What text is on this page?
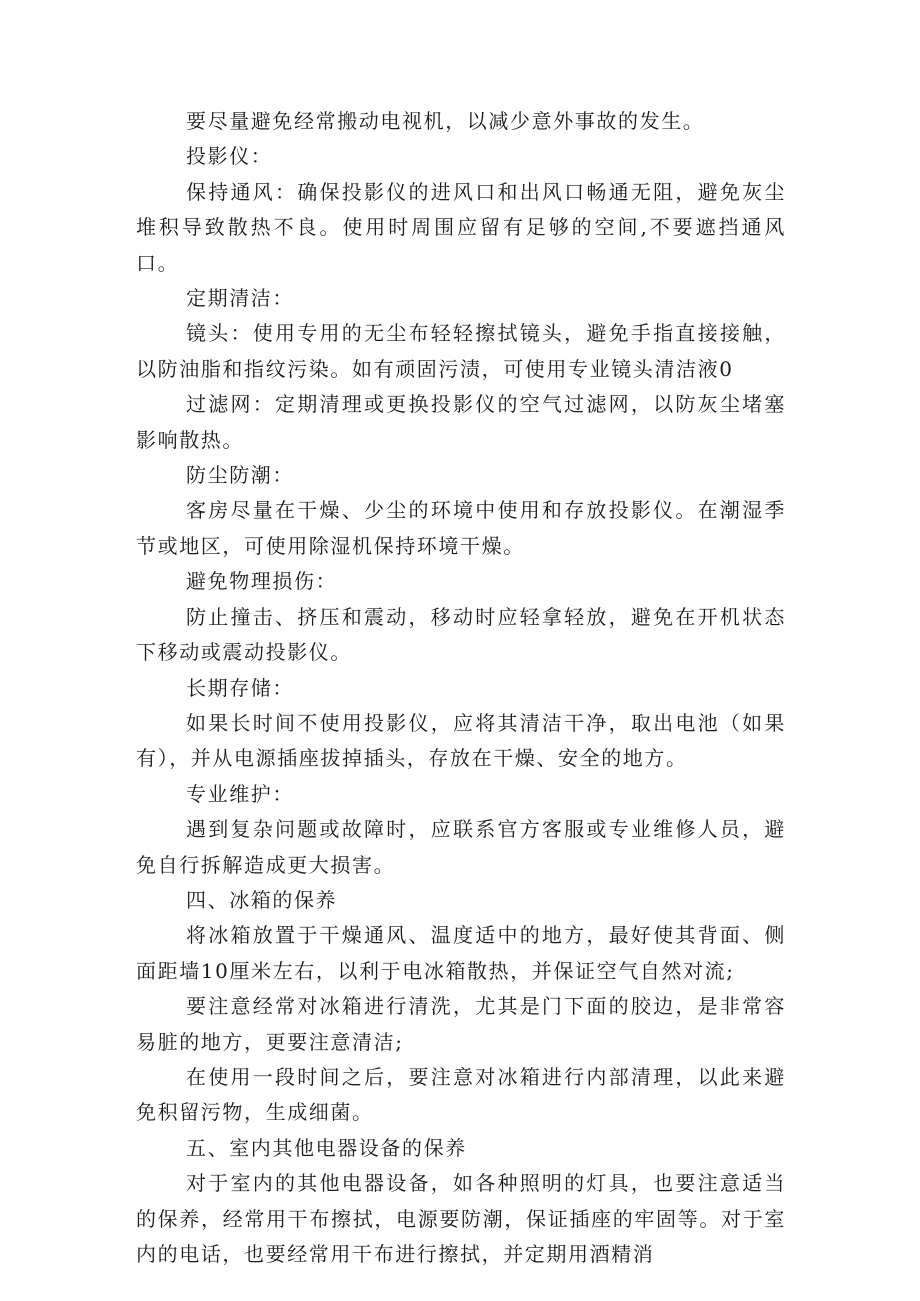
要尽量避免经常搬动电视机，以减少意外事故的发生。

投影仪：

保持通风：确保投影仪的进风口和出风口畅通无阻，避免灰尘堆积导致散热不良。使用时周围应留有足够的空间,不要遮挡通风口。

定期清洁：

镜头：使用专用的无尘布轻轻擦拭镜头，避免手指直接接触，以防油脂和指纹污染。如有顽固污渍，可使用专业镜头清洁液0

过滤网：定期清理或更换投影仪的空气过滤网，以防灰尘堵塞影响散热。

防尘防潮：

客房尽量在干燥、少尘的环境中使用和存放投影仪。在潮湿季节或地区，可使用除湿机保持环境干燥。

避免物理损伤：

防止撞击、挤压和震动，移动时应轻拿轻放，避免在开机状态下移动或震动投影仪。

长期存储：

如果长时间不使用投影仪，应将其清洁干净，取出电池（如果有），并从电源插座拔掉插头，存放在干燥、安全的地方。

专业维护：

遇到复杂问题或故障时，应联系官方客服或专业维修人员，避免自行拆解造成更大损害。

四、冰箱的保养

将冰箱放置于干燥通风、温度适中的地方，最好使其背面、侧面距墙10厘米左右，以利于电冰箱散热，并保证空气自然对流;

要注意经常对冰箱进行清洗，尤其是门下面的胶边，是非常容易脏的地方，更要注意清洁;

在使用一段时间之后，要注意对冰箱进行内部清理，以此来避免积留污物，生成细菌。

五、室内其他电器设备的保养

对于室内的其他电器设备，如各种照明的灯具，也要注意适当的保养，经常用干布擦拭，电源要防潮，保证插座的牢固等。对于室内的电话，也要经常用干布进行擦拭，并定期用酒精消
